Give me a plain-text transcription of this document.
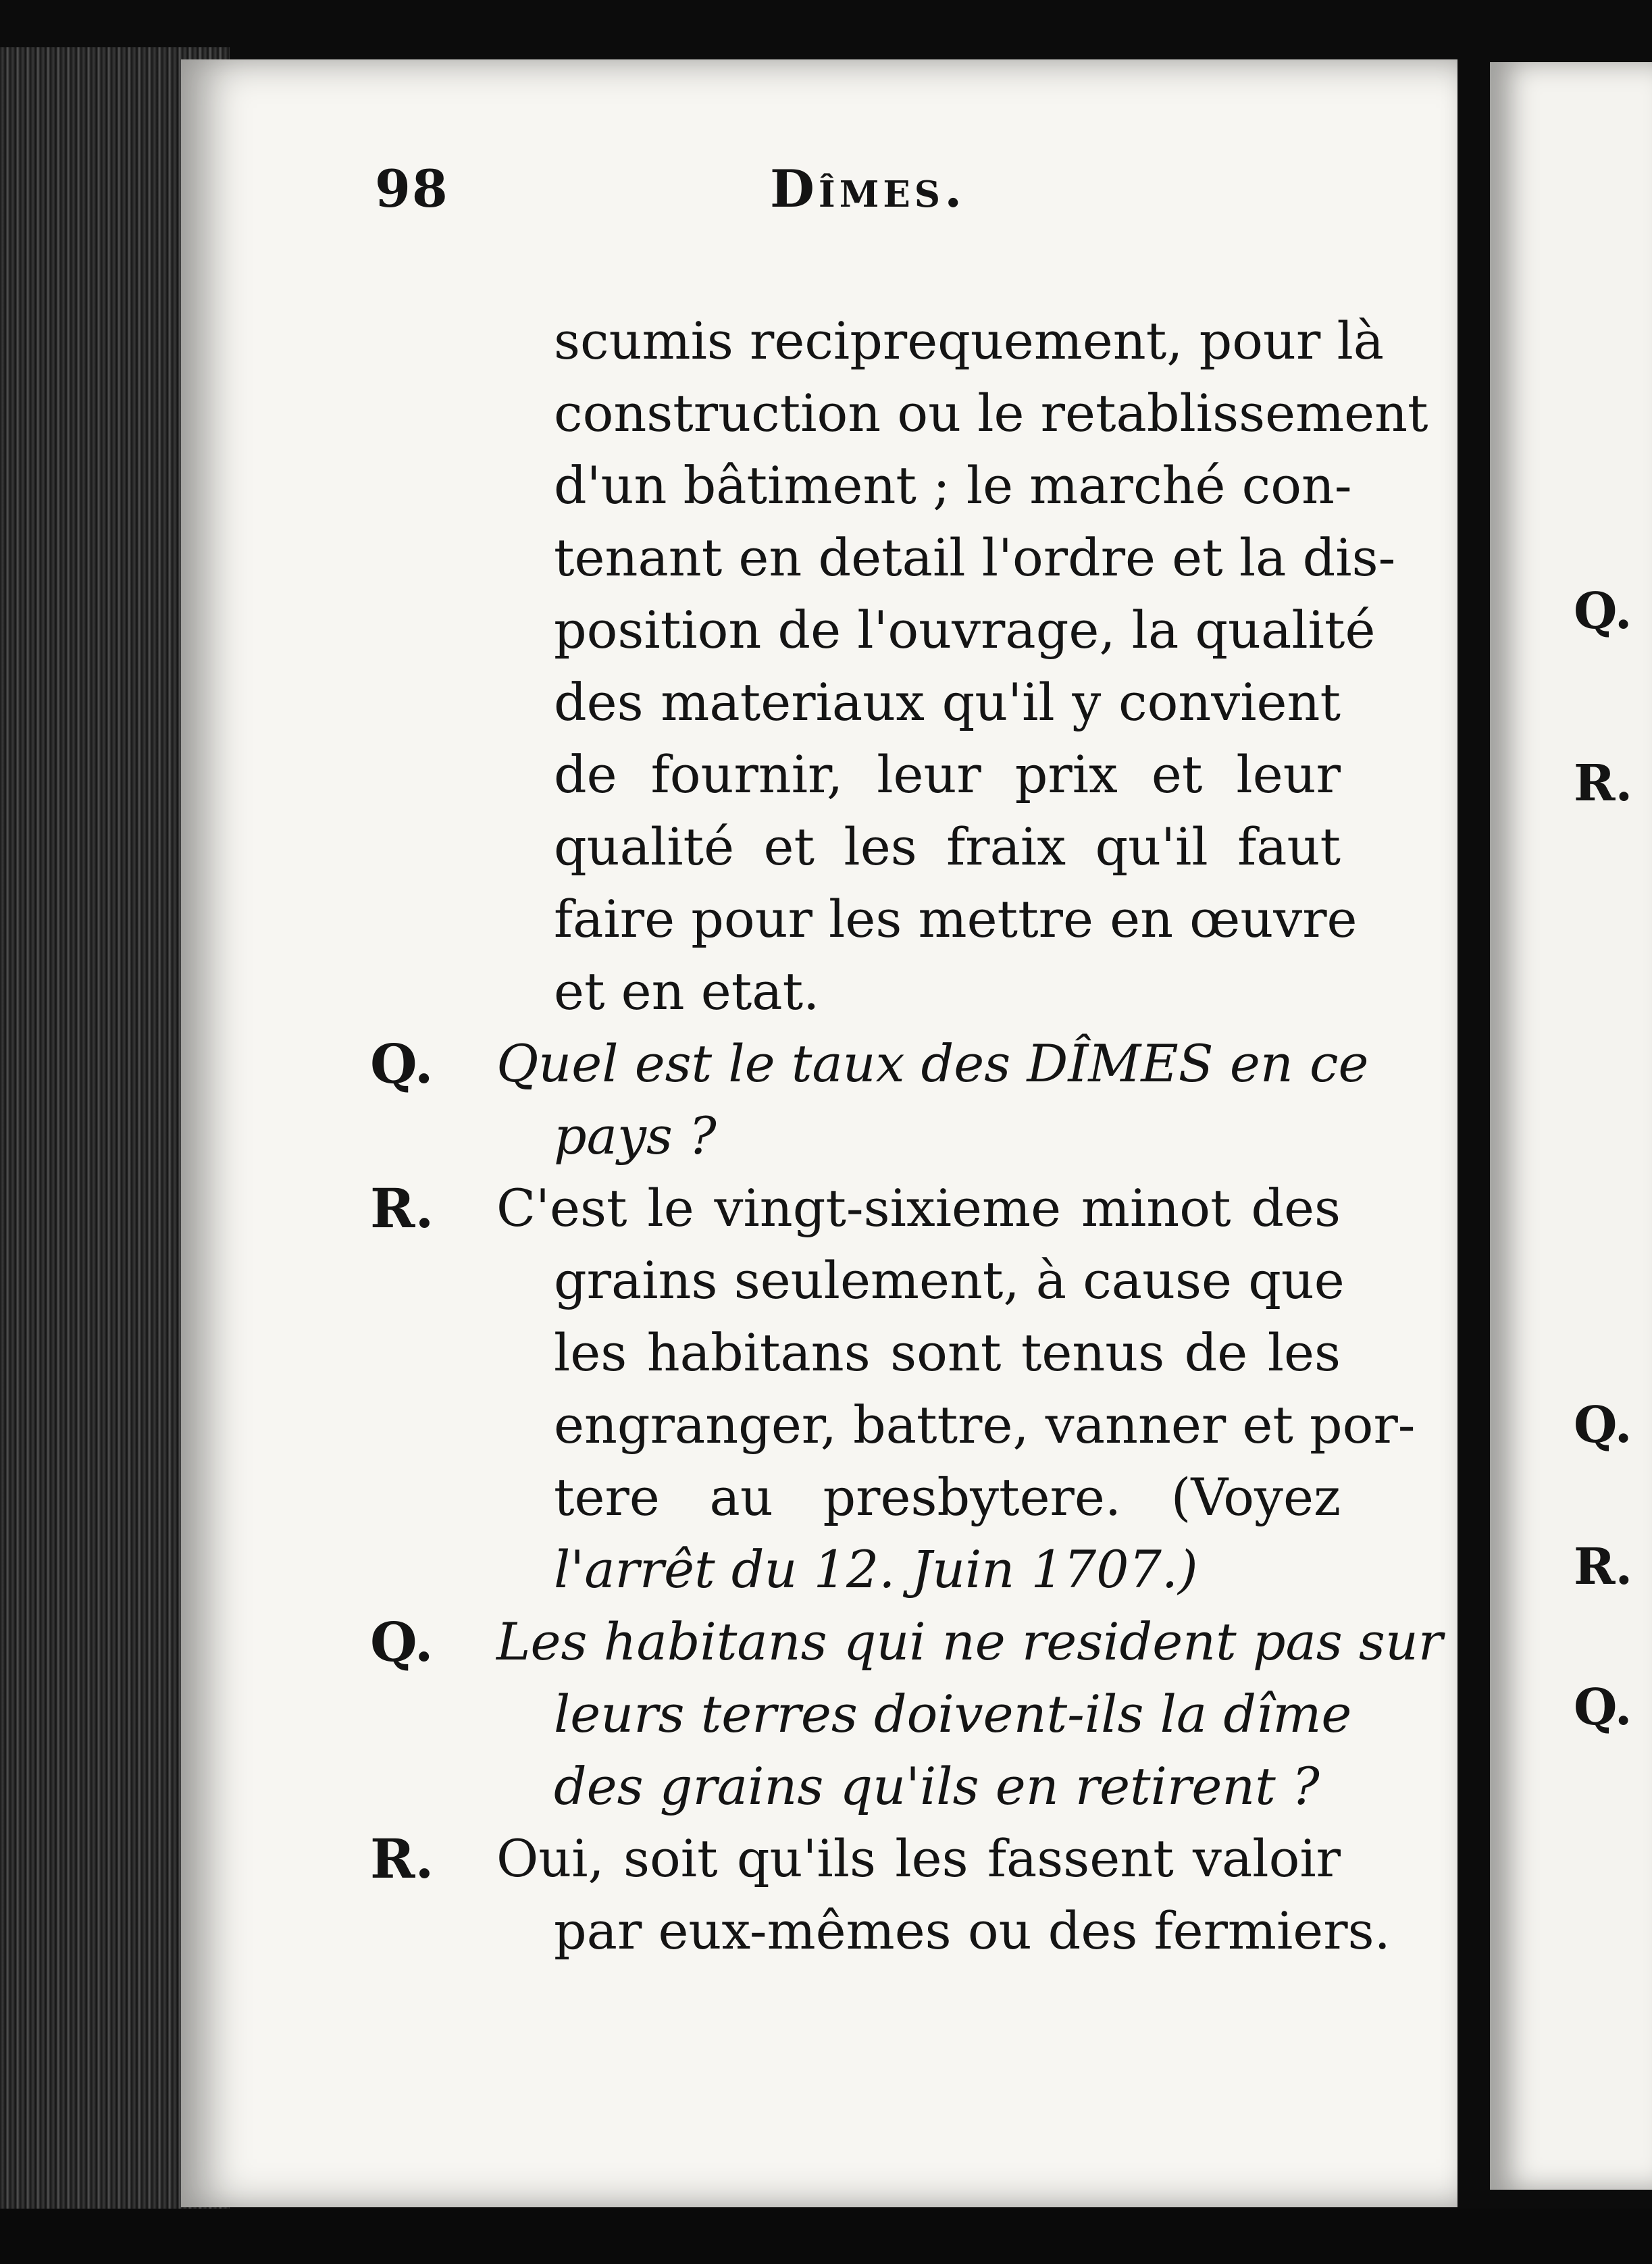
98	Dîmes.
scumis reciprequement, pour là
construction ou le retablissement
d'un bâtiment ; le marché con-
tenant en detail l'ordre et la dis-
position de l'ouvrage, la qualité
des materiaux qu'il y convient
de fournir, leur prix et leur
qualité et les fraix qu'il faut
faire pour les mettre en œuvre
et en etat.
Q. Quel est le taux des DÎMES en ce
pays ?
R. C'est le vingt-sixieme minot des
grains seulement, à cause que
les habitans sont tenus de les
engranger, battre, vanner et por-
tere au presbytere. (Voyez
l'arrêt du 12. Juin 1707.)
Q. Les habitans qui ne resident pas sur
leurs terres doivent-ils la dîme
des grains qu'ils en retirent ?
R. Oui, soit qu'ils les fassent valoir
par eux-mêmes ou des fermiers.
Q.
R.
Q.
R.
Q.
